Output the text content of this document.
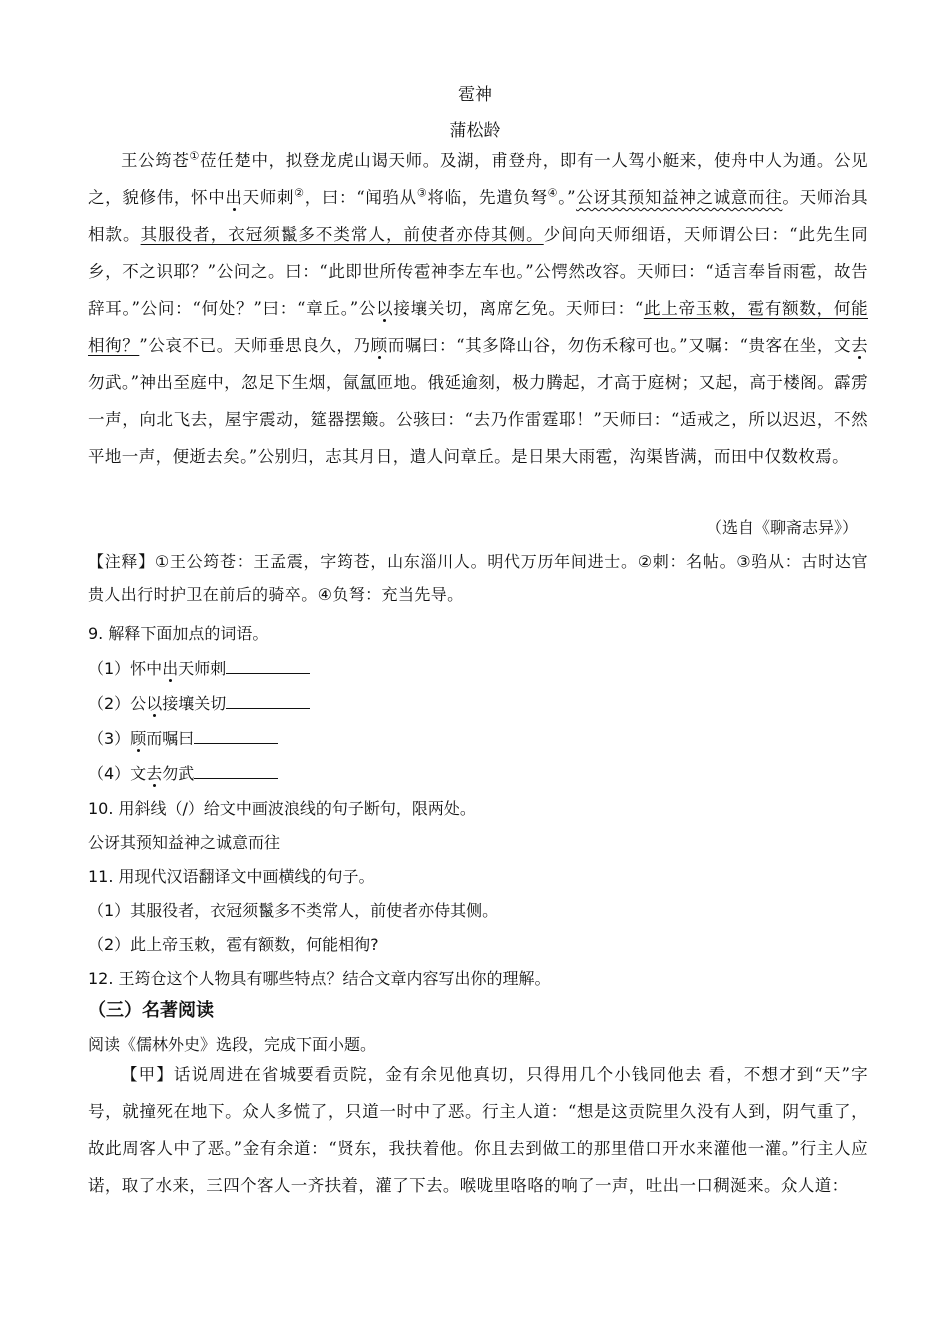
雹神
蒲松龄
王公筠苍①莅任楚中，拟登龙虎山谒天师。及湖，甫登舟，即有一人驾小艇来，使舟中人为通。公见之，貌修伟，怀中出天师刺②，曰：“闻驺从③将临，先遣负弩④。”公讶其预知益神之诚意而往。天师治具相款。其服役者，衣冠须鬣多不类常人，前使者亦侍其侧。少间向天师细语，天师谓公曰：“此先生同乡，不之识耶？”公问之。曰：“此即世所传雹神李左车也。”公愕然改容。天师曰：“适言奉旨雨雹，故告辞耳。”公问：“何处？”曰：“章丘。”公以接壤关切，离席乞免。天师曰：“此上帝玉敕，雹有额数，何能相徇？”公哀不已。天师垂思良久，乃顾而嘱曰：“其多降山谷，勿伤禾稼可也。”又嘱：“贵客在坐，文去勿武。”神出至庭中，忽足下生烟，氤氲匝地。俄延逾刻，极力腾起，才高于庭树；又起，高于楼阁。霹雳一声，向北飞去，屋宇震动，筵器摆簸。公骇曰：“去乃作雷霆耶！”天师曰：“适戒之，所以迟迟，不然平地一声，便逝去矣。”公别归，志其月日，遣人问章丘。是日果大雨雹，沟渠皆满，而田中仅数枚焉。
（选自《聊斋志异》）
【注释】①王公筠苍：王孟震，字筠苍，山东淄川人。明代万历年间进士。②刺：名帖。③驺从：古时达官贵人出行时护卫在前后的骑卒。④负弩：充当先导。
9. 解释下面加点的词语。
（1）怀中出天师刺
（2）公以接壤关切
（3）顾而嘱曰
（4）文去勿武
10. 用斜线（/）给文中画波浪线的句子断句，限两处。
公讶其预知益神之诚意而往
11. 用现代汉语翻译文中画横线的句子。
（1）其服役者，衣冠须鬣多不类常人，前使者亦侍其侧。
（2）此上帝玉敕，雹有额数，何能相徇?
12. 王筠仓这个人物具有哪些特点？结合文章内容写出你的理解。
（三）名著阅读
阅读《儒林外史》选段，完成下面小题。
【甲】话说周进在省城要看贡院，金有余见他真切，只得用几个小钱同他去 看，不想才到“天”字号，就撞死在地下。众人多慌了，只道一时中了恶。行主人道：“想是这贡院里久没有人到，阴气重了，故此周客人中了恶。”金有余道：“贤东，我扶着他。你且去到做工的那里借口开水来灌他一灌。”行主人应诺，取了水来，三四个客人一齐扶着，灌了下去。喉咙里咯咯的响了一声，吐出一口稠涎来。众人道：
